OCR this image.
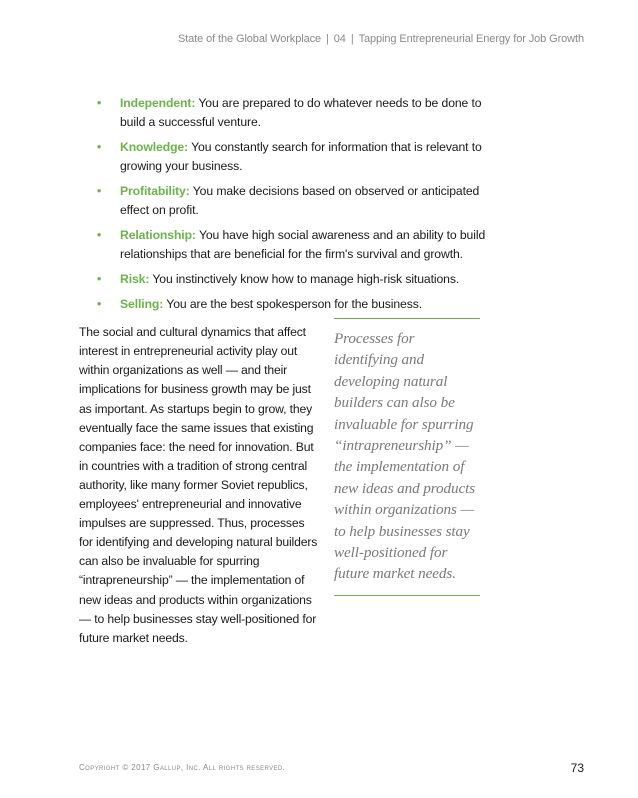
State of the Global Workplace | 04 | Tapping Entrepreneurial Energy for Job Growth
• Independent: You are prepared to do whatever needs to be done to build a successful venture.
• Knowledge: You constantly search for information that is relevant to growing your business.
• Profitability: You make decisions based on observed or anticipated effect on profit.
• Relationship: You have high social awareness and an ability to build relationships that are beneficial for the firm's survival and growth.
• Risk: You instinctively know how to manage high-risk situations.
• Selling: You are the best spokesperson for the business.

The social and cultural dynamics that affect interest in entrepreneurial activity play out within organizations as well — and their implications for business growth may be just as important. As startups begin to grow, they eventually face the same issues that existing companies face: the need for innovation. But in countries with a tradition of strong central authority, like many former Soviet republics, employees' entrepreneurial and innovative impulses are suppressed. Thus, processes for identifying and developing natural builders can also be invaluable for spurring “intrapreneurship” — the implementation of new ideas and products within organizations — to help businesses stay well-positioned for future market needs.

Processes for identifying and developing natural builders can also be invaluable for spurring “intrapreneurship” — the implementation of new ideas and products within organizations — to help businesses stay well-positioned for future market needs.
Copyright © 2017 Gallup, Inc. All rights reserved.	73
